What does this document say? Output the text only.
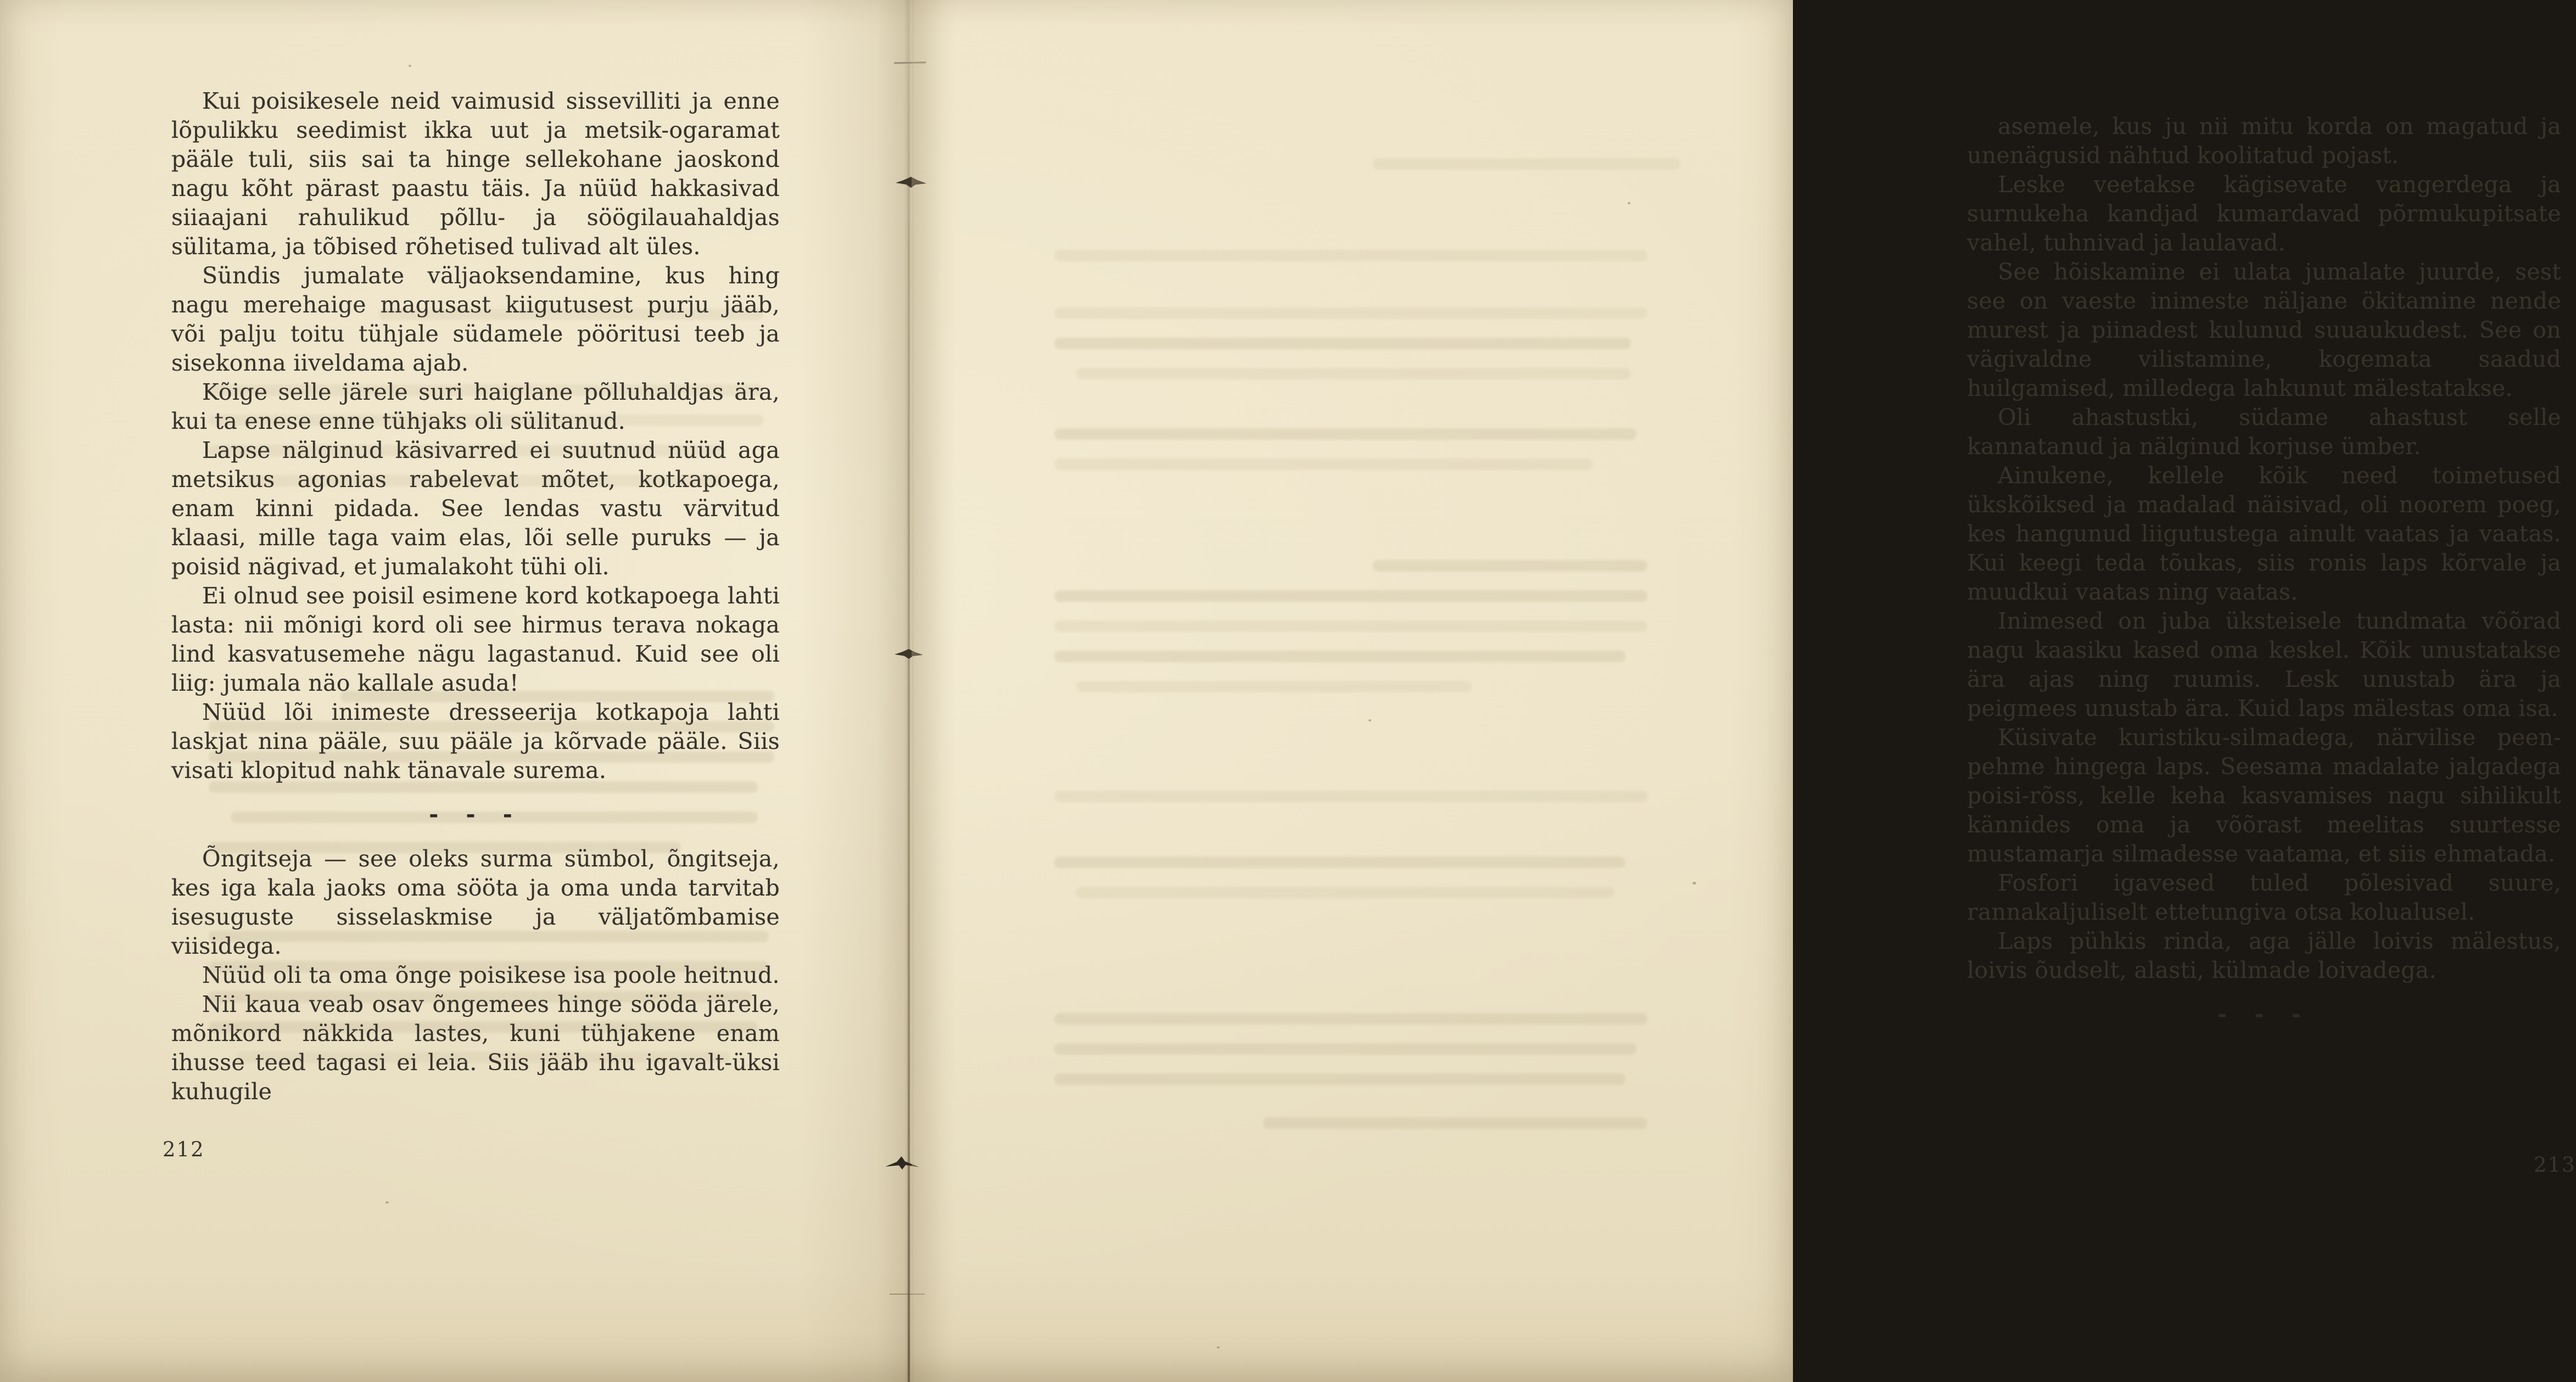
Kui poisikesele neid vaimusid sissevilliti ja enne lõpulikku seedimist ikka uut ja metsik-ogaramat pääle tuli, siis sai ta hinge sellekohane jaoskond nagu kõht pärast paastu täis. Ja nüüd hakkasivad siiaajani rahulikud põllu- ja söögilauahaldjas sülitama, ja tõbised rõhetised tulivad alt üles.

Sündis jumalate väljaoksendamine, kus hing nagu merehaige magusast kiigutusest purju jääb, või palju toitu tühjale südamele pööritusi teeb ja sisekonna iiveldama ajab.

Kõige selle järele suri haiglane põlluhaldjas ära, kui ta enese enne tühjaks oli sülitanud.

Lapse nälginud käsivarred ei suutnud nüüd aga metsikus agonias rabelevat mõtet, kotkapoega, enam kinni pidada. See lendas vastu värvitud klaasi, mille taga vaim elas, lõi selle puruks — ja poisid nägivad, et jumalakoht tühi oli.

Ei olnud see poisil esimene kord kotkapoega lahti lasta: nii mõnigi kord oli see hirmus terava nokaga lind kasvatusemehe nägu lagastanud. Kuid see oli liig: jumala näo kallale asuda!

Nüüd lõi inimeste dresseerija kotkapoja lahti laskjat nina pääle, suu pääle ja kõrvade pääle. Siis visati klopitud nahk tänavale surema.

- - -

Õngitseja — see oleks surma sümbol, õngitseja, kes iga kala jaoks oma sööta ja oma unda tarvitab isesuguste sisselaskmise ja väljatõmbamise viisidega.

Nüüd oli ta oma õnge poisikese isa poole heitnud.

Nii kaua veab osav õngemees hinge sööda järele, mõnikord näkkida lastes, kuni tühjakene enam ihusse teed tagasi ei leia. Siis jääb ihu igavalt-üksi kuhugile

212

asemele, kus ju nii mitu korda on magatud ja unenägusid nähtud koolitatud pojast.

Leske veetakse kägisevate vangerdega ja surnukeha kandjad kumardavad põrmukupitsate vahel, tuhnivad ja laulavad.

See hõiskamine ei ulata jumalate juurde, sest see on vaeste inimeste näljane ökitamine nende murest ja piinadest kulunud suuaukudest. See on vägivaldne vilistamine, kogemata saadud huilgamised, milledega lahkunut mälestatakse.

Oli ahastustki, südame ahastust selle kannatanud ja nälginud korjuse ümber.

Ainukene, kellele kõik need toimetused ükskõiksed ja madalad näisivad, oli noorem poeg, kes hangunud liigutustega ainult vaatas ja vaatas. Kui keegi teda tõukas, siis ronis laps kõrvale ja muudkui vaatas ning vaatas.

Inimesed on juba üksteisele tundmata võõrad nagu kaasiku kased oma keskel. Kõik unustatakse ära ajas ning ruumis. Lesk unustab ära ja peigmees unustab ära. Kuid laps mälestas oma isa.

Küsivate kuristiku-silmadega, närvilise peen-pehme hingega laps. Seesama madalate jalgadega poisi-rõss, kelle keha kasvamises nagu sihilikult kännides oma ja võõrast meelitas suurtesse mustamarja silmadesse vaatama, et siis ehmatada.

Fosfori igavesed tuled põlesivad suure, rannakaljuliselt ettetungiva otsa kolualusel.

Laps pühkis rinda, aga jälle loivis mälestus, loivis õudselt, alasti, külmade loivadega.

- - -
213
